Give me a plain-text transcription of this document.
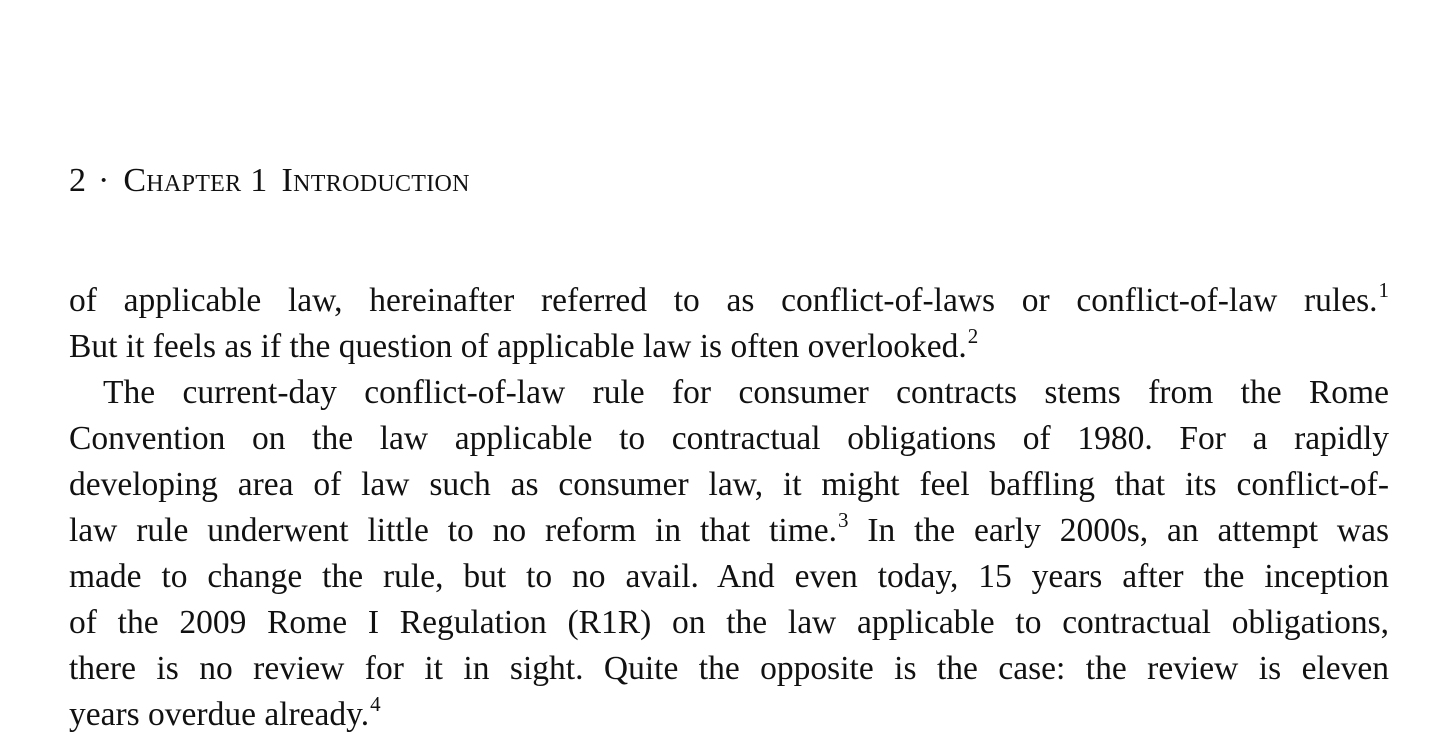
2 · Chapter 1 Introduction
of applicable law, hereinafter referred to as conflict-of-laws or conflict-of-law rules.$^1$
But it feels as if the question of applicable law is often overlooked.$^2$
The current-day conflict-of-law rule for consumer contracts stems from the Rome
Convention on the law applicable to contractual obligations of 1980. For a rapidly
developing area of law such as consumer law, it might feel baffling that its conflict-of-
law rule underwent little to no reform in that time.$^3$ In the early 2000s, an attempt was
made to change the rule, but to no avail. And even today, 15 years after the inception
of the 2009 Rome I Regulation (R1R) on the law applicable to contractual obligations,
there is no review for it in sight. Quite the opposite is the case: the review is eleven
years overdue already.$^4$
